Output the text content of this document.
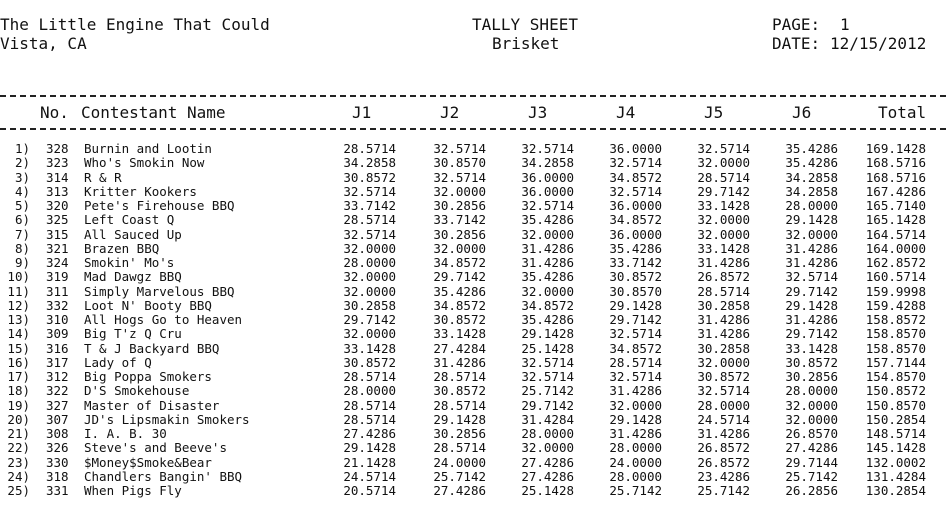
The Little Engine That Could
Vista, CA
TALLY SHEET
Brisket
PAGE: 1
DATE: 12/15/2012
No. Contestant Name	J1	J2	J3	J4	J5	J6	Total
1) 328	Burnin and Lootin	28.5714	32.5714	32.5714	36.0000	32.5714	35.4286	169.1428
2) 323	Who's Smokin Now	34.2858	30.8570	34.2858	32.5714	32.0000	35.4286	168.5716
3) 314	R & R	30.8572	32.5714	36.0000	34.8572	28.5714	34.2858	168.5716
4) 313	Kritter Kookers	32.5714	32.0000	36.0000	32.5714	29.7142	34.2858	167.4286
5) 320	Pete's Firehouse BBQ	33.7142	30.2856	32.5714	36.0000	33.1428	28.0000	165.7140
6) 325	Left Coast Q	28.5714	33.7142	35.4286	34.8572	32.0000	29.1428	165.1428
7) 315	All Sauced Up	32.5714	30.2856	32.0000	36.0000	32.0000	32.0000	164.5714
8) 321	Brazen BBQ	32.0000	32.0000	31.4286	35.4286	33.1428	31.4286	164.0000
9) 324	Smokin' Mo's	28.0000	34.8572	31.4286	33.7142	31.4286	31.4286	162.8572
10) 319	Mad Dawgz BBQ	32.0000	29.7142	35.4286	30.8572	26.8572	32.5714	160.5714
11) 311	Simply Marvelous BBQ	32.0000	35.4286	32.0000	30.8570	28.5714	29.7142	159.9998
12) 332	Loot N' Booty BBQ	30.2858	34.8572	34.8572	29.1428	30.2858	29.1428	159.4288
13) 310	All Hogs Go to Heaven	29.7142	30.8572	35.4286	29.7142	31.4286	31.4286	158.8572
14) 309	Big T'z Q Cru	32.0000	33.1428	29.1428	32.5714	31.4286	29.7142	158.8570
15) 316	T & J Backyard BBQ	33.1428	27.4284	25.1428	34.8572	30.2858	33.1428	158.8570
16) 317	Lady of Q	30.8572	31.4286	32.5714	28.5714	32.0000	30.8572	157.7144
17) 312	Big Poppa Smokers	28.5714	28.5714	32.5714	32.5714	30.8572	30.2856	154.8570
18) 322	D'S Smokehouse	28.0000	30.8572	25.7142	31.4286	32.5714	28.0000	150.8572
19) 327	Master of Disaster	28.5714	28.5714	29.7142	32.0000	28.0000	32.0000	150.8570
20) 307	JD's Lipsmakin Smokers	28.5714	29.1428	31.4284	29.1428	24.5714	32.0000	150.2854
21) 308	I. A. B. 30	27.4286	30.2856	28.0000	31.4286	31.4286	26.8570	148.5714
22) 326	Steve's and Beeve's	29.1428	28.5714	32.0000	28.0000	26.8572	27.4286	145.1428
23) 330	$Money$Smoke&Bear	21.1428	24.0000	27.4286	24.0000	26.8572	29.7144	132.0002
24) 318	Chandlers Bangin' BBQ	24.5714	25.7142	27.4286	28.0000	23.4286	25.7142	131.4284
25) 331	When Pigs Fly	20.5714	27.4286	25.1428	25.7142	25.7142	26.2856	130.2854
